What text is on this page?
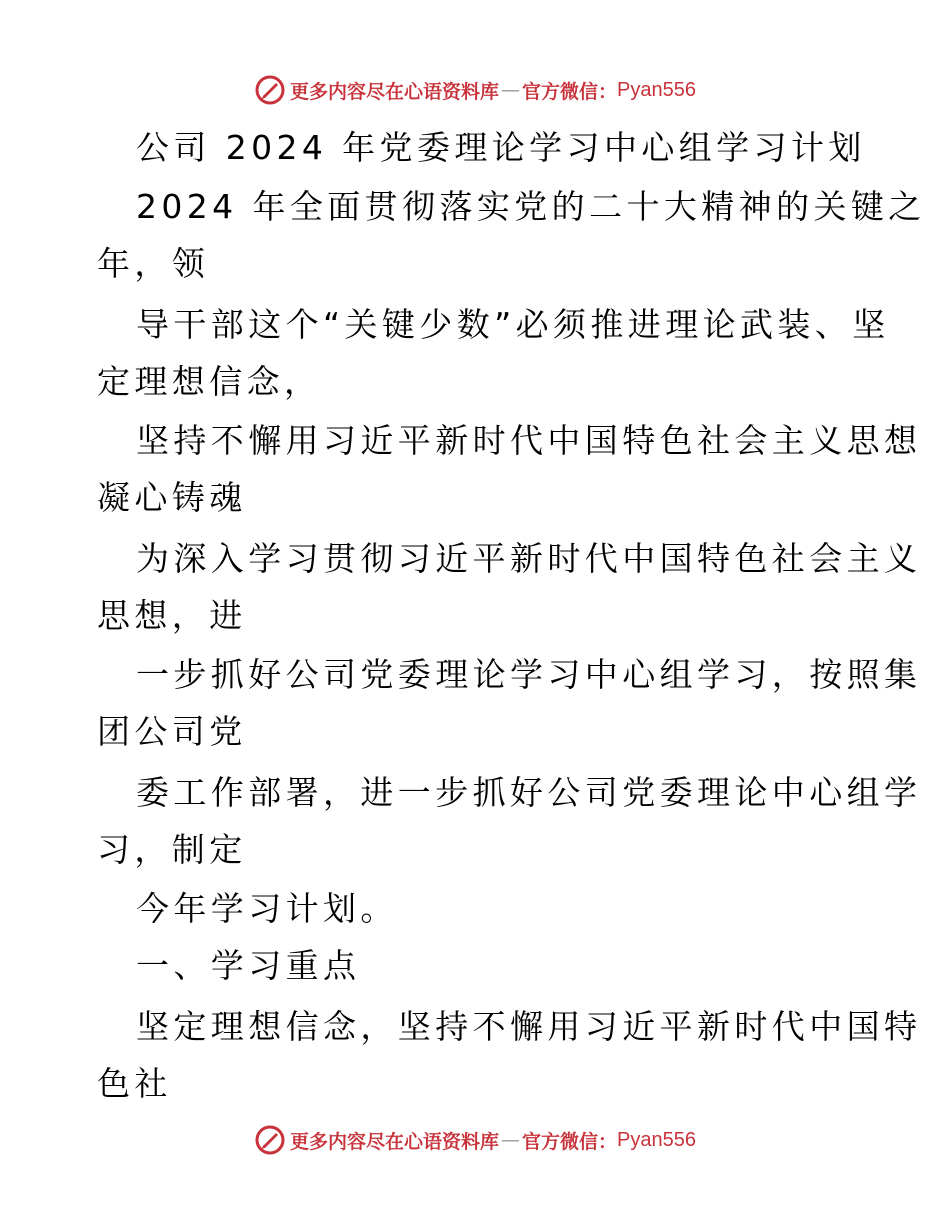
更多内容尽在心语资料库 — 官方微信： Pyan556
公司 2024 年党委理论学习中心组学习计划
2024 年全面贯彻落实党的二十大精神的关键之
年，领
导干部这个“关键少数”必须推进理论武装、坚
定理想信念，
坚持不懈用习近平新时代中国特色社会主义思想
凝心铸魂
为深入学习贯彻习近平新时代中国特色社会主义
思想，进
一步抓好公司党委理论学习中心组学习，按照集
团公司党
委工作部署，进一步抓好公司党委理论中心组学
习，制定
今年学习计划。
一、学习重点
坚定理想信念，坚持不懈用习近平新时代中国特
色社
更多内容尽在心语资料库 — 官方微信： Pyan556
